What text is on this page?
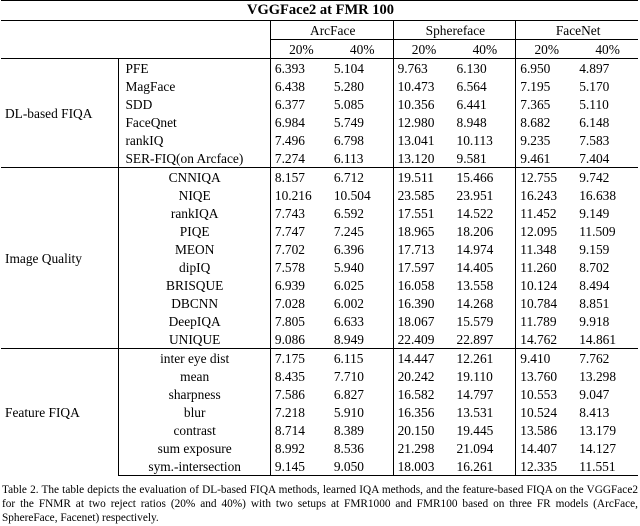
VGGFace2 at FMR 100							
		ArcFace		Sphereface		FaceNet	
		20%	40%	20%	40%	20%	40%
DL-based FIQA	PFE	6.393	5.104	9.763	6.130	6.950	4.897
	MagFace	6.438	5.280	10.473	6.564	7.195	5.170
	SDD	6.377	5.085	10.356	6.441	7.365	5.110
	FaceQnet	6.984	5.749	12.980	8.948	8.682	6.148
	rankIQ	7.496	6.798	13.041	10.113	9.235	7.583
	SER-FIQ(on Arcface)	7.274	6.113	13.120	9.581	9.461	7.404
Image Quality	CNNIQA	8.157	6.712	19.511	15.466	12.755	9.742
	NIQE	10.216	10.504	23.585	23.951	16.243	16.638
	rankIQA	7.743	6.592	17.551	14.522	11.452	9.149
	PIQE	7.747	7.245	18.965	18.206	12.095	11.509
	MEON	7.702	6.396	17.713	14.974	11.348	9.159
	dipIQ	7.578	5.940	17.597	14.405	11.260	8.702
	BRISQUE	6.939	6.025	16.058	13.558	10.124	8.494
	DBCNN	7.028	6.002	16.390	14.268	10.784	8.851
	DeepIQA	7.805	6.633	18.067	15.579	11.789	9.918
	UNIQUE	9.086	8.949	22.409	22.897	14.762	14.861
Feature FIQA	inter eye dist	7.175	6.115	14.447	12.261	9.410	7.762
	mean	8.435	7.710	20.242	19.110	13.760	13.298
	sharpness	7.586	6.827	16.582	14.797	10.553	9.047
	blur	7.218	5.910	16.356	13.531	10.524	8.413
	contrast	8.714	8.389	20.150	19.445	13.586	13.179
	sum exposure	8.992	8.536	21.298	21.094	14.407	14.127
	sym.-intersection	9.145	9.050	18.003	16.261	12.335	11.551
Table 2. The table depicts the evaluation of DL-based FIQA methods, learned IQA methods, and the feature-based FIQA on the VGGFace2 for the FNMR at two reject ratios (20% and 40%) with two setups at FMR1000 and FMR100 based on three FR models (ArcFace, SphereFace, Facenet) respectively.
